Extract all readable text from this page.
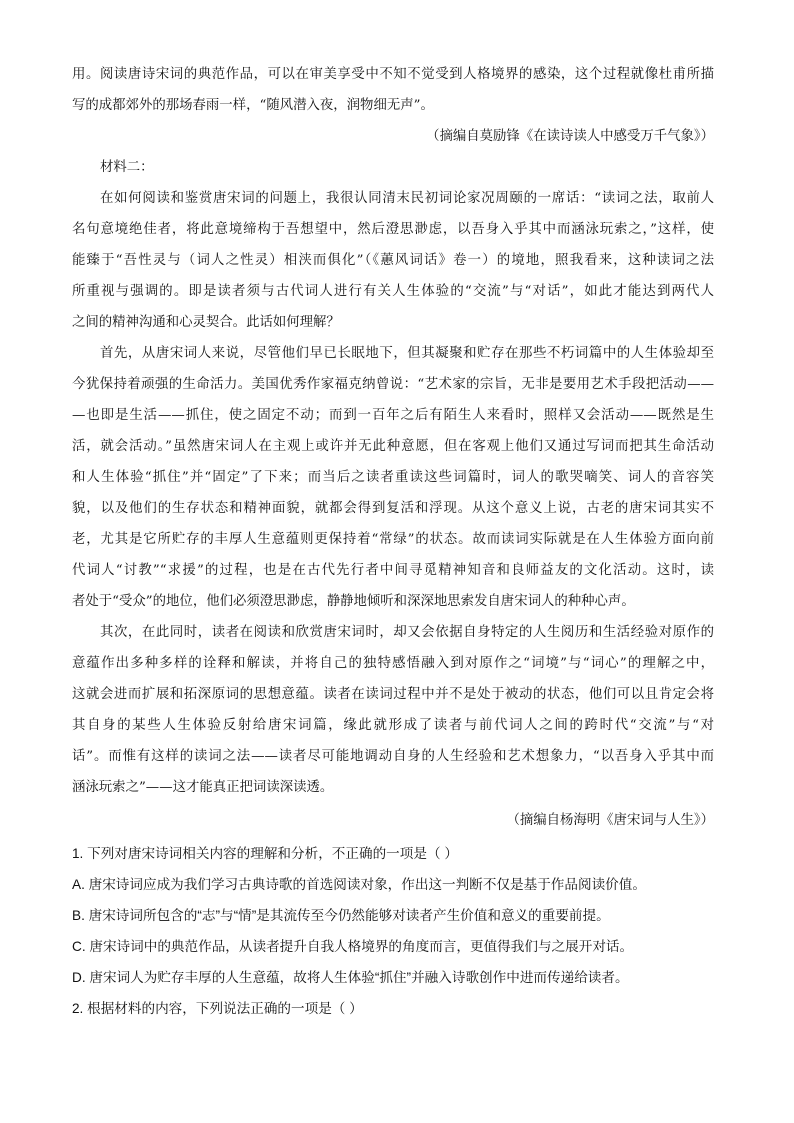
用。阅读唐诗宋词的典范作品，可以在审美享受中不知不觉受到人格境界的感染，这个过程就像杜甫所描
写的成都郊外的那场春雨一样，“随风潜入夜，润物细无声”。
（摘编自莫励锋《在读诗读人中感受万千气象》）
材料二：
在如何阅读和鉴赏唐宋词的问题上，我很认同清末民初词论家况周颐的一席话：“读词之法，取前人
名句意境绝佳者，将此意境缔构于吾想望中，然后澄思渺虑，以吾身入乎其中而涵泳玩索之，”这样，使
能臻于“吾性灵与（词人之性灵）相浃而俱化”（《蕙风词话》卷一）的境地，照我看来，这种读词之法
所重视与强调的。即是读者须与古代词人进行有关人生体验的“交流”与“对话”，如此才能达到两代人
之间的精神沟通和心灵契合。此话如何理解？
首先，从唐宋词人来说，尽管他们早已长眠地下，但其凝聚和贮存在那些不朽词篇中的人生体验却至
今犹保持着顽强的生命活力。美国优秀作家福克纳曾说：“艺术家的宗旨，无非是要用艺术手段把活动——
—也即是生活——抓住，使之固定不动；而到一百年之后有陌生人来看时，照样又会活动——既然是生
活，就会活动。”虽然唐宋词人在主观上或许并无此种意愿，但在客观上他们又通过写词而把其生命活动
和人生体验“抓住”并“固定”了下来；而当后之读者重读这些词篇时，词人的歌哭嘀笑、词人的音容笑
貌，以及他们的生存状态和精神面貌，就都会得到复活和浮现。从这个意义上说，古老的唐宋词其实不
老，尤其是它所贮存的丰厚人生意蕴则更保持着“常绿”的状态。故而读词实际就是在人生体验方面向前
代词人“讨教”“求援”的过程，也是在古代先行者中间寻觅精神知音和良师益友的文化活动。这时，读
者处于“受众”的地位，他们必须澄思渺虑，静静地倾听和深深地思索发自唐宋词人的种种心声。
其次，在此同时，读者在阅读和欣赏唐宋词时，却又会依据自身特定的人生阅历和生活经验对原作的
意蕴作出多种多样的诠释和解读，并将自己的独特感悟融入到对原作之“词境”与“词心”的理解之中，
这就会进而扩展和拓深原词的思想意蕴。读者在读词过程中并不是处于被动的状态，他们可以且肯定会将
其自身的某些人生体验反射给唐宋词篇，缘此就形成了读者与前代词人之间的跨时代“交流”与“对
话”。而惟有这样的读词之法——读者尽可能地调动自身的人生经验和艺术想象力，“以吾身入乎其中而
涵泳玩索之”——这才能真正把词读深读透。
（摘编自杨海明《唐宋词与人生》）
1. 下列对唐宋诗词相关内容的理解和分析，不正确的一项是（ ）
A. 唐宋诗词应成为我们学习古典诗歌的首选阅读对象，作出这一判断不仅是基于作品阅读价值。
B. 唐宋诗词所包含的“志”与“情”是其流传至今仍然能够对读者产生价值和意义的重要前提。
C. 唐宋诗词中的典范作品，从读者提升自我人格境界的角度而言，更值得我们与之展开对话。
D. 唐宋词人为贮存丰厚的人生意蕴，故将人生体验“抓住”并融入诗歌创作中进而传递给读者。
2. 根据材料的内容，下列说法正确的一项是（ ）
